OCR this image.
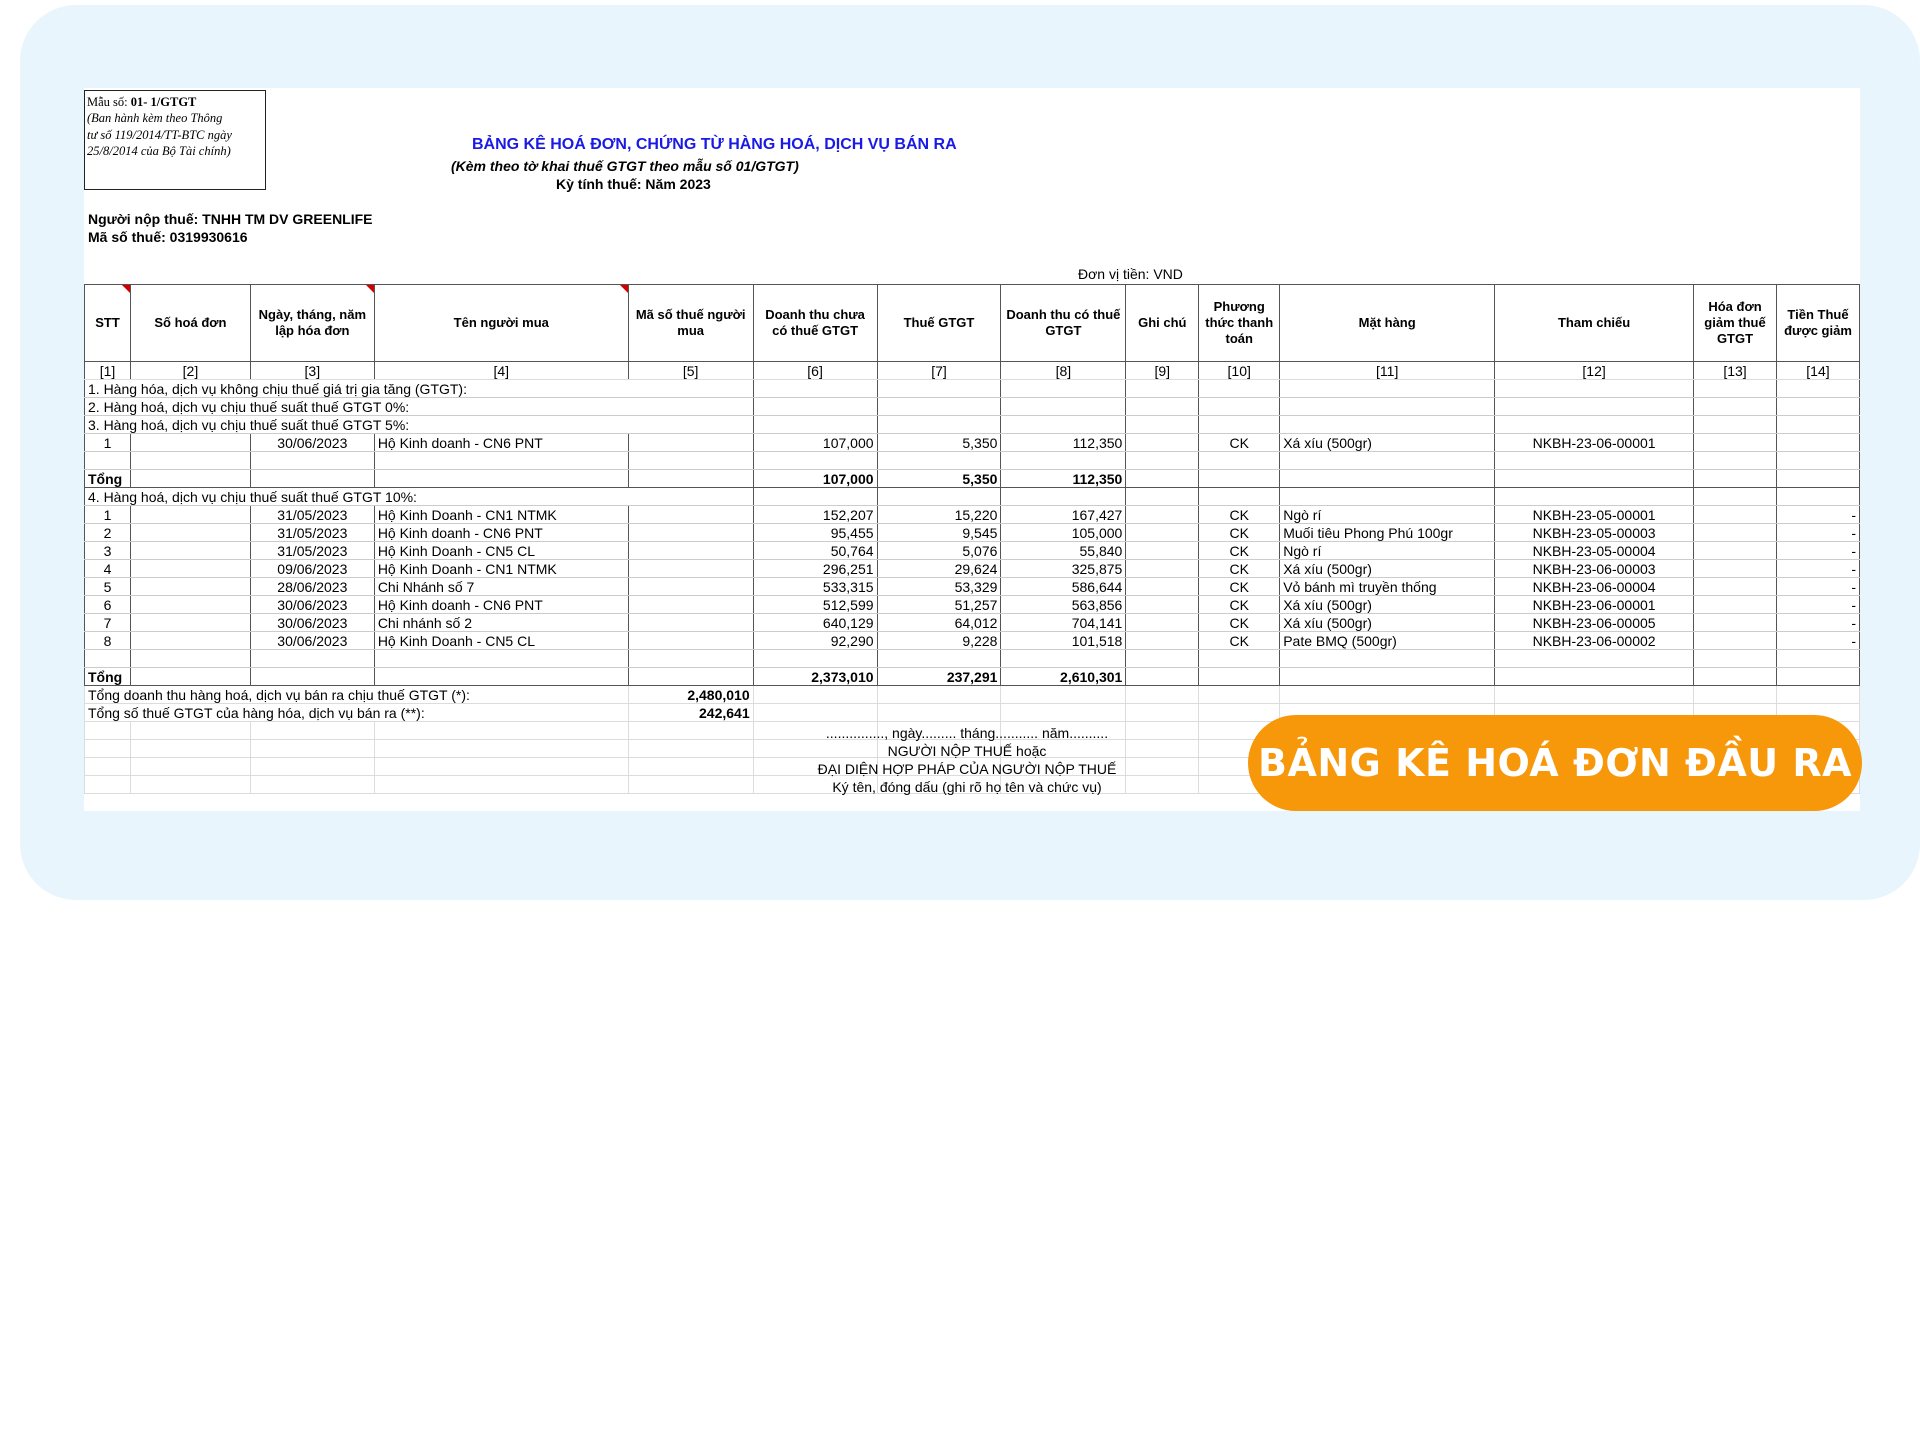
Mẫu số: 01- 1/GTGT
(Ban hành kèm theo Thông
tư số 119/2014/TT-BTC ngày
25/8/2014 của Bộ Tài chính)	BẢNG KÊ HOÁ ĐƠN, CHỨNG TỪ HÀNG HOÁ, DỊCH VỤ BÁN RA
(Kèm theo tờ khai thuế GTGT theo mẫu số 01/GTGT)
Kỳ tính thuế: Năm 2023
Người nộp thuế: TNHH TM DV GREENLIFE
Mã số thuế: 0319930616
Đơn vị tiền: VND
STT	Số hoá đơn	Ngày, tháng, năm lập hóa đơn	Tên người mua	Mã số thuế người mua	Doanh thu chưa có thuế GTGT	Thuế GTGT	Doanh thu có thuế GTGT	Ghi chú	Phương thức thanh toán	Mặt hàng	Tham chiếu	Hóa đơn giảm thuế GTGT	Tiền Thuế được giảm
[1]	[2]	[3]	[4]	[5]	[6]	[7]	[8]	[9]	[10]	[11]	[12]	[13]	[14]
1. Hàng hóa, dịch vụ không chịu thuế giá trị gia tăng (GTGT):													
2. Hàng hoá, dịch vụ chịu thuế suất thuế GTGT 0%:													
3. Hàng hoá, dịch vụ chịu thuế suất thuế GTGT 5%:													
1		30/06/2023	Hộ Kinh doanh - CN6 PNT		107,000	5,350	112,350		CK	Xá xíu (500gr)	NKBH-23-06-00001		

Tổng					107,000	5,350	112,350						
4. Hàng hoá, dịch vụ chịu thuế suất thuế GTGT 10%:													
1		31/05/2023	Hộ Kinh Doanh - CN1 NTMK		152,207	15,220	167,427		CK	Ngò rí	NKBH-23-05-00001		-
2		31/05/2023	Hộ Kinh doanh - CN6 PNT		95,455	9,545	105,000		CK	Muối tiêu Phong Phú 100gr	NKBH-23-05-00003		-
3		31/05/2023	Hộ Kinh Doanh - CN5 CL		50,764	5,076	55,840		CK	Ngò rí	NKBH-23-05-00004		-
4		09/06/2023	Hộ Kinh Doanh - CN1 NTMK		296,251	29,624	325,875		CK	Xá xíu (500gr)	NKBH-23-06-00003		-
5		28/06/2023	Chi Nhánh số 7		533,315	53,329	586,644		CK	Vỏ bánh mì truyền thống	NKBH-23-06-00004		-
6		30/06/2023	Hộ Kinh doanh - CN6 PNT		512,599	51,257	563,856		CK	Xá xíu (500gr)	NKBH-23-06-00001		-
7		30/06/2023	Chi nhánh số 2		640,129	64,012	704,141		CK	Xá xíu (500gr)	NKBH-23-06-00005		-
8		30/06/2023	Hộ Kinh Doanh - CN5 CL		92,290	9,228	101,518		CK	Pate BMQ (500gr)	NKBH-23-06-00002		-

Tổng					2,373,010	237,291	2,610,301						
Tổng doanh thu hàng hoá, dịch vụ bán ra chịu thuế GTGT (*):				2,480,010									
Tổng số thuế GTGT của hàng hóa, dịch vụ bán ra (**):				242,641									

..............., ngày......... tháng........... năm..........
NGƯỜI NỘP THUẾ hoặc
ĐẠI DIỆN HỢP PHÁP CỦA NGƯỜI NỘP THUẾ
Ký tên, đóng dấu (ghi rõ họ tên và chức vụ)
BẢNG KÊ HOÁ ĐƠN ĐẦU RA
